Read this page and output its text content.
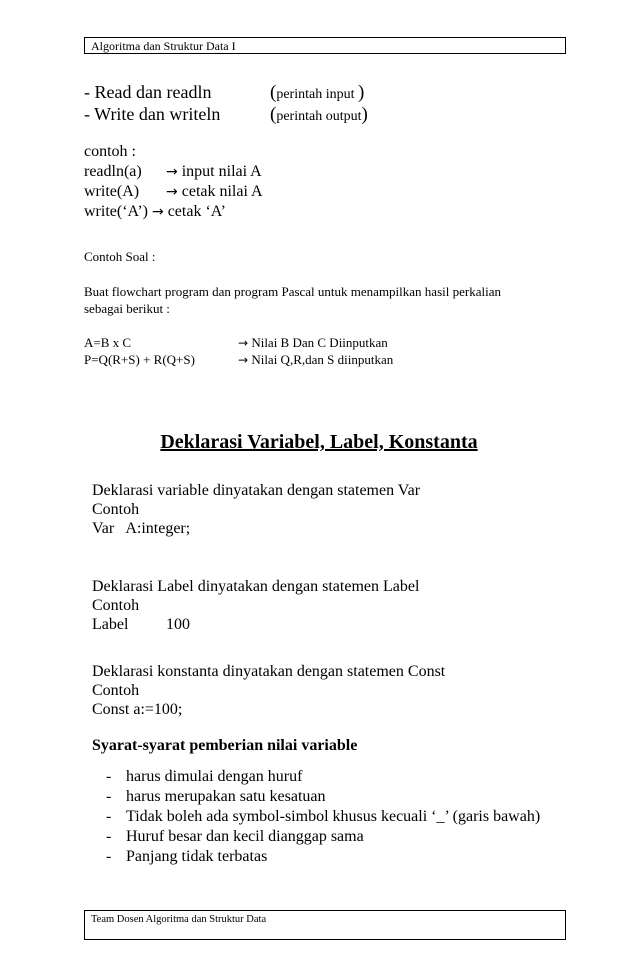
Algoritma dan Struktur Data I
- Read dan readln	(perintah input )
- Write dan writeln	(perintah output)
contoh :
readln(a) → input nilai A
write(A) → cetak nilai A
write(‘A’) → cetak ‘A’
Contoh Soal :
Buat flowchart program dan program Pascal untuk menampilkan hasil perkalian
sebagai berikut :
A=B x C	→ Nilai B Dan C Diinputkan
P=Q(R+S) + R(Q+S)	→ Nilai Q,R,dan S diinputkan
Deklarasi Variabel, Label, Konstanta
Deklarasi variable dinyatakan dengan statemen Var
Contoh
Var   A:integer;
Deklarasi Label dinyatakan dengan statemen Label
Contoh
Label 100
Deklarasi konstanta dinyatakan dengan statemen Const
Contoh
Const a:=100;
Syarat-syarat pemberian nilai variable
- harus dimulai dengan huruf
- harus merupakan satu kesatuan
- Tidak boleh ada symbol-simbol khusus kecuali ‘_’ (garis bawah)
- Huruf besar dan kecil dianggap sama
- Panjang tidak terbatas
Team Dosen Algoritma dan Struktur Data
